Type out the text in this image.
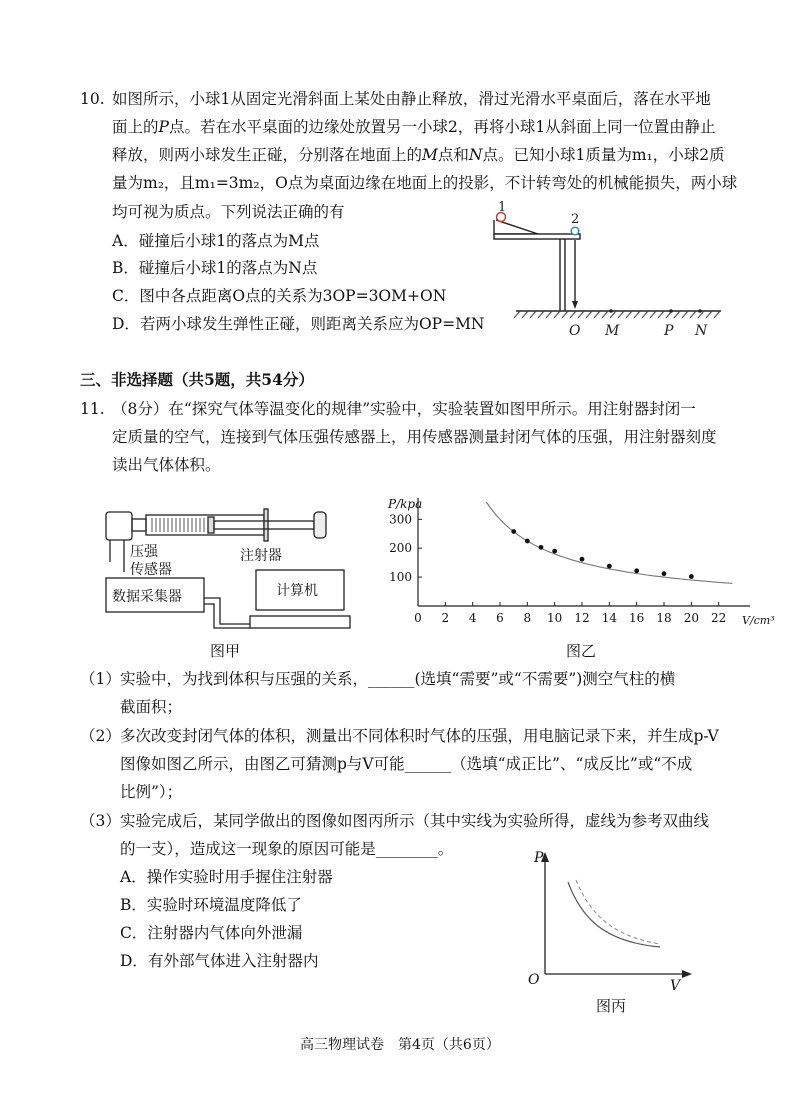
10. 如图所示，小球1从固定光滑斜面上某处由静止释放，滑过光滑水平桌面后，落在水平地
面上的P点。若在水平桌面的边缘处放置另一小球2，再将小球1从斜面上同一位置由静止
释放，则两小球发生正碰，分别落在地面上的M点和N点。已知小球1质量为m₁，小球2质
量为m₂，且m₁=3m₂，O点为桌面边缘在地面上的投影，不计转弯处的机械能损失，两小球
均可视为质点。下列说法正确的有
A．碰撞后小球1的落点为M点
B．碰撞后小球1的落点为N点
C．图中各点距离O点的关系为3OP=3OM+ON
D．若两小球发生弹性正碰，则距离关系应为OP=MN
1
2
O M	P N
三、非选择题（共5题，共54分）
11. （8分）在“探究气体等温变化的规律”实验中，实验装置如图甲所示。用注射器封闭一
定质量的空气，连接到气体压强传感器上，用传感器测量封闭气体的压强，用注射器刻度
读出气体体积。
压强
传感器
注射器
数据采集器	计算机
图甲
0 2 4 6 8 10 12 14 16 18 20 22
100
200
300
P/kpa
V/cm³
图乙
（1） 实验中，为找到体积与压强的关系，______(选填“需要”或“不需要”)测空气柱的横
截面积；
（2） 多次改变封闭气体的体积，测量出不同体积时气体的压强，用电脑记录下来，并生成p-V
图像如图乙所示，由图乙可猜测p与V可能______（选填“成正比”、“成反比”或“不成
比例”）；
（3） 实验完成后，某同学做出的图像如图丙所示（其中实线为实验所得，虚线为参考双曲线
的一支），造成这一现象的原因可能是________。
A．操作实验时用手握住注射器
B．实验时环境温度降低了
C．注射器内气体向外泄漏
D．有外部气体进入注射器内
P
V
O
图丙
高三物理试卷　第4页（共6页）
